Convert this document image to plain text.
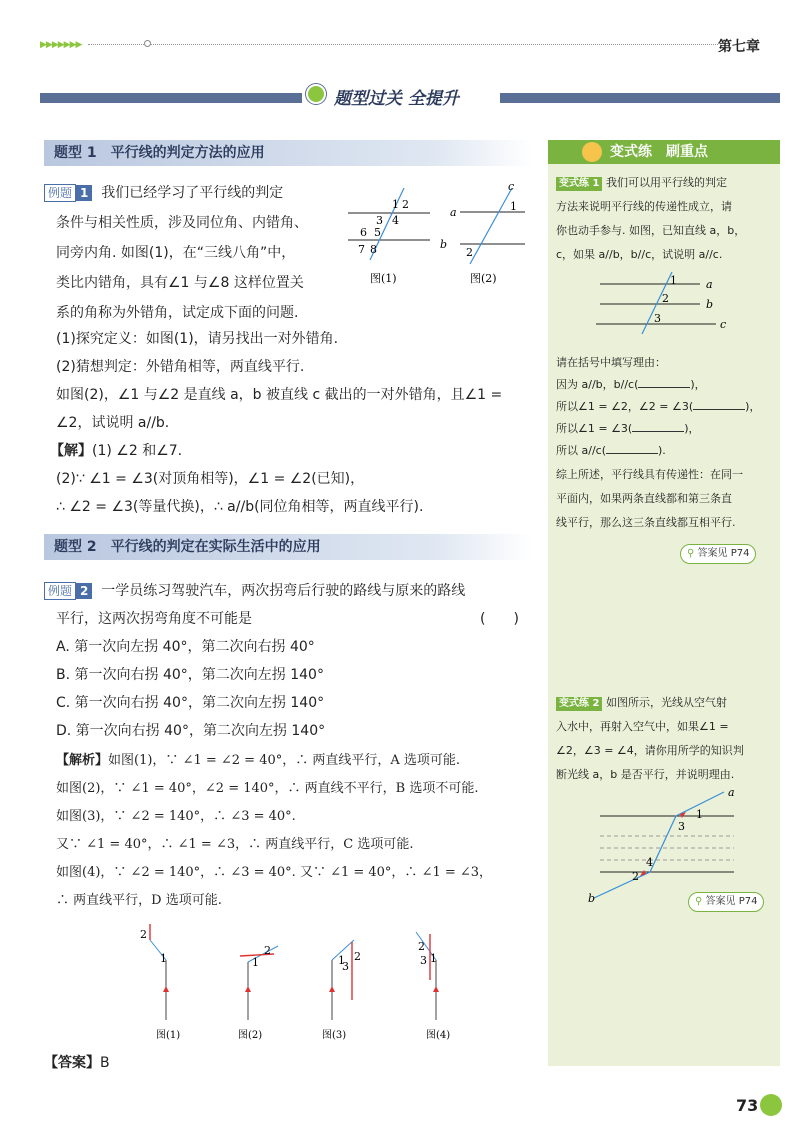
▶▶▶▶▶▶▶	第七章
题型过关 全提升
题型 1　平行线的判定方法的应用
例题 1 我们已经学习了平行线的判定
条件与相关性质，涉及同位角、内错角、
同旁内角. 如图(1)，在“三线八角”中，
类比内错角，具有∠1 与∠8 这样位置关
系的角称为外错角，试定成下面的问题.
1 2
3 4
6 5
7 8
图(1)
c
a	1
b
2
图(2)
(1)探究定义：如图(1)，请另找出一对外错角.
(2)猜想判定：外错角相等，两直线平行.
如图(2)，∠1 与∠2 是直线 a，b 被直线 c 截出的一对外错角，且∠1 =
∠2，试说明 a//b.
【解】(1) ∠2 和∠7.
(2)∵ ∠1 = ∠3(对顶角相等)，∠1 = ∠2(已知)，
∴ ∠2 = ∠3(等量代换)，∴ a//b(同位角相等，两直线平行).
题型 2　平行线的判定在实际生活中的应用
例题 2 一学员练习驾驶汽车，两次拐弯后行驶的路线与原来的路线
平行，这两次拐弯角度不可能是	(　　)
A. 第一次向左拐 40°，第二次向右拐 40°
B. 第一次向右拐 40°，第二次向左拐 140°
C. 第一次向右拐 40°，第二次向左拐 140°
D. 第一次向右拐 40°，第二次向左拐 140°
【解析】如图(1)，∵ ∠1 = ∠2 = 40°，∴ 两直线平行，A 选项可能.
如图(2)，∵ ∠1 = 40°，∠2 = 140°，∴ 两直线不平行，B 选项不可能.
如图(3)，∵ ∠2 = 140°，∴ ∠3 = 40°.
又∵ ∠1 = 40°，∴ ∠1 = ∠3，∴ 两直线平行，C 选项可能.
如图(4)，∵ ∠2 = 140°，∴ ∠3 = 40°. 又∵ ∠1 = 40°，∴ ∠1 = ∠3，
∴ 两直线平行，D 选项可能.
2
1
图(1)
2
1
图(2)
1
3
2
图(3)
2
1
3
图(4)
【答案】B
变式练　刷重点
变式练 1 我们可以用平行线的判定
方法来说明平行线的传递性成立，请
你也动手参与. 如图，已知直线 a，b，
c，如果 a//b，b//c，试说明 a//c.
1	a
2	b
3	c
请在括号中填写理由：
因为 a//b，b//c(	)，
所以∠1 = ∠2，∠2 = ∠3(	)，
所以∠1 = ∠3(	)，
所以 a//c(	).
综上所述，平行线具有传递性：在同一
平面内，如果两条直线都和第三条直
线平行，那么这三条直线都互相平行.
⚲ 答案见 P74
变式练 2 如图所示，光线从空气射
入水中，再射入空气中，如果∠1 =
∠2，∠3 = ∠4，请你用所学的知识判
断光线 a，b 是否平行，并说明理由.
a
1
3
4
2
b	⚲ 答案见 P74
73
